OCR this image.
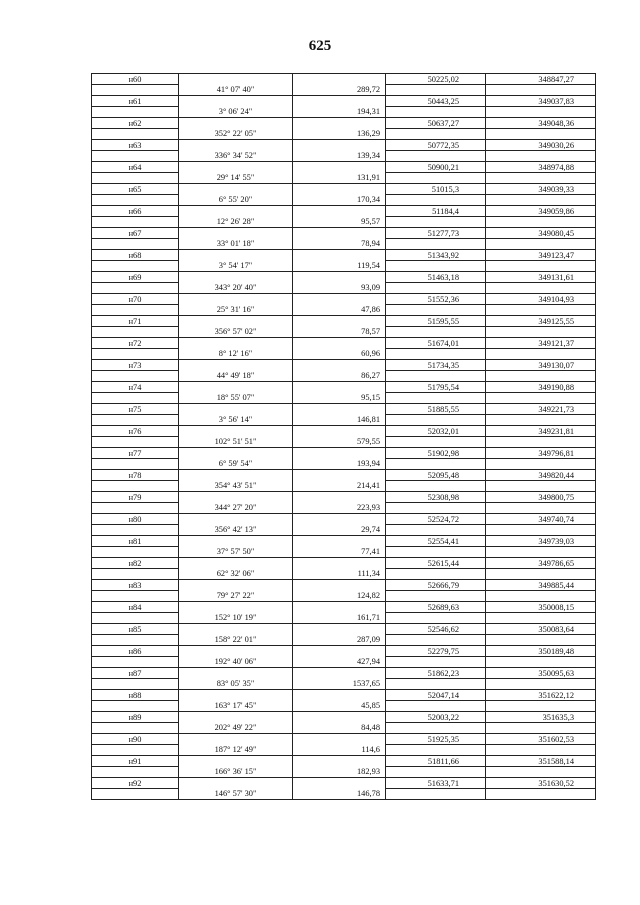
625
н60			50225,02	348847,27
	41° 07' 40"	289,72		
н61			50443,25	349037,83
	3° 06' 24"	194,31		
н62			50637,27	349048,36
	352° 22' 05"	136,29		
н63			50772,35	349030,26
	336° 34' 52"	139,34		
н64			50900,21	348974,88
	29° 14' 55"	131,91		
н65			51015,3	349039,33
	6° 55' 20"	170,34		
н66			51184,4	349059,86
	12° 26' 28"	95,57		
н67			51277,73	349080,45
	33° 01' 18"	78,94		
н68			51343,92	349123,47
	3° 54' 17"	119,54		
н69			51463,18	349131,61
	343° 20' 40"	93,09		
н70			51552,36	349104,93
	25° 31' 16"	47,86		
н71			51595,55	349125,55
	356° 57' 02"	78,57		
н72			51674,01	349121,37
	8° 12' 16"	60,96		
н73			51734,35	349130,07
	44° 49' 18"	86,27		
н74			51795,54	349190,88
	18° 55' 07"	95,15		
н75			51885,55	349221,73
	3° 56' 14"	146,81		
н76			52032,01	349231,81
	102° 51' 51"	579,55		
н77			51902,98	349796,81
	6° 59' 54"	193,94		
н78			52095,48	349820,44
	354° 43' 51"	214,41		
н79			52308,98	349800,75
	344° 27' 20"	223,93		
н80			52524,72	349740,74
	356° 42' 13"	29,74		
н81			52554,41	349739,03
	37° 57' 50"	77,41		
н82			52615,44	349786,65
	62° 32' 06"	111,34		
н83			52666,79	349885,44
	79° 27' 22"	124,82		
н84			52689,63	350008,15
	152° 10' 19"	161,71		
н85			52546,62	350083,64
	158° 22' 01"	287,09		
н86			52279,75	350189,48
	192° 40' 06"	427,94		
н87			51862,23	350095,63
	83° 05' 35"	1537,65		
н88			52047,14	351622,12
	163° 17' 45"	45,85		
н89			52003,22	351635,3
	202° 49' 22"	84,48		
н90			51925,35	351602,53
	187° 12' 49"	114,6		
н91			51811,66	351588,14
	166° 36' 15"	182,93		
н92			51633,71	351630,52
	146° 57' 30"	146,78		
